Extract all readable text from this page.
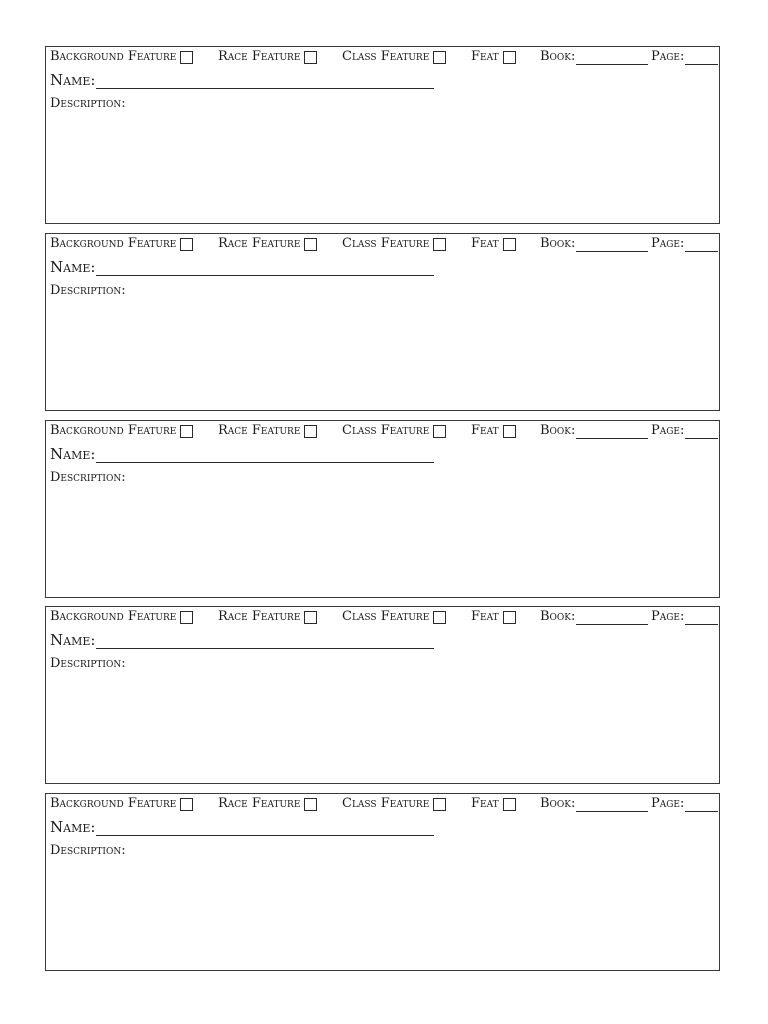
Background Feature	Race Feature	Class Feature	Feat	Book:	Page:
Name:
Description:
Background Feature	Race Feature	Class Feature	Feat	Book:	Page:
Name:
Description:
Background Feature	Race Feature	Class Feature	Feat	Book:	Page:
Name:
Description:
Background Feature	Race Feature	Class Feature	Feat	Book:	Page:
Name:
Description:
Background Feature	Race Feature	Class Feature	Feat	Book:	Page:
Name:
Description:
